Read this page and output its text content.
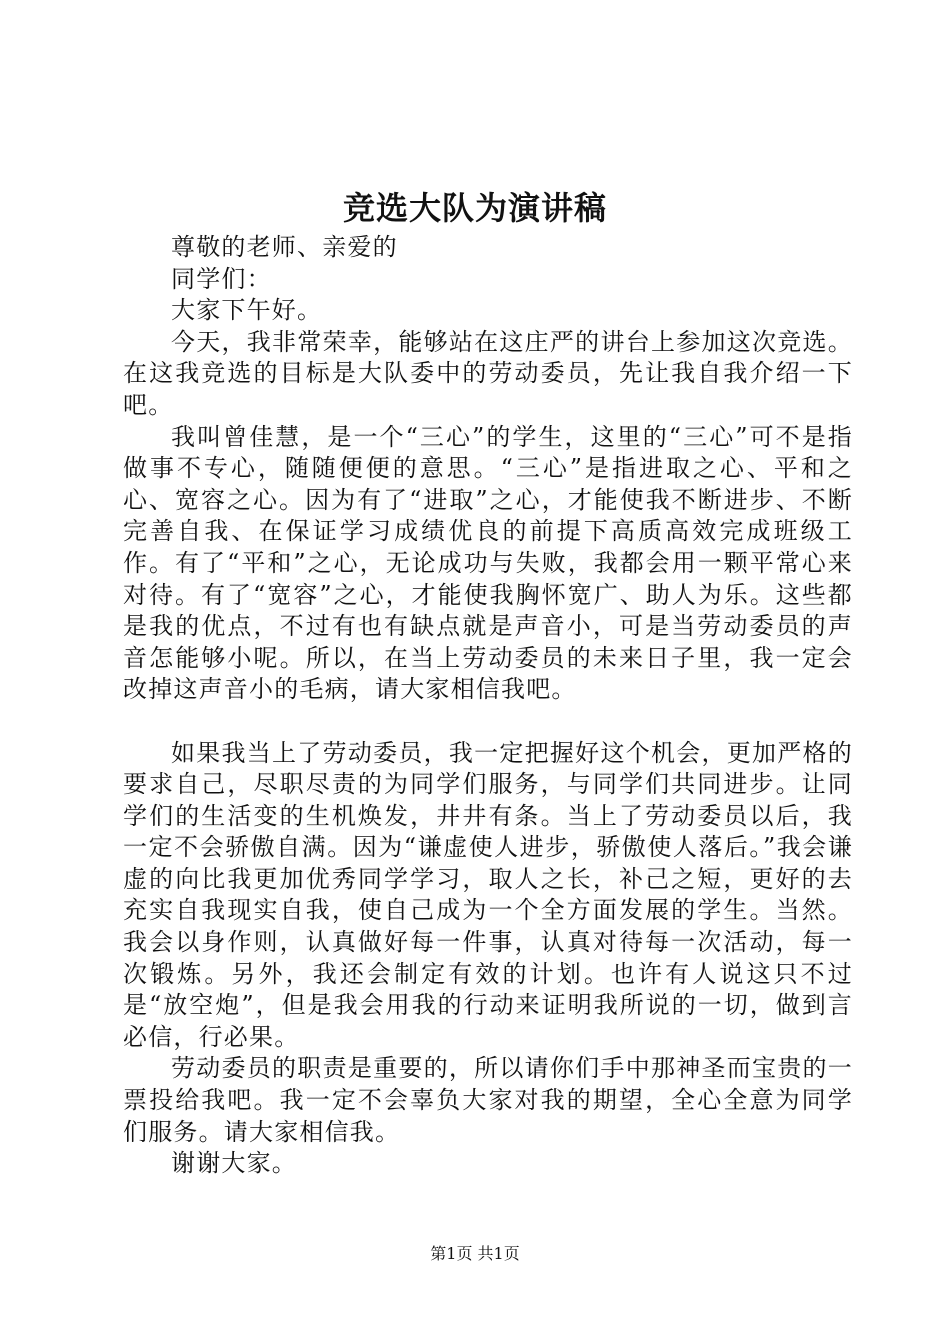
竞选大队为演讲稿

尊敬的老师、亲爱的

同学们：

大家下午好。

今天，我非常荣幸，能够站在这庄严的讲台上参加这次竞选。在这我竞选的目标是大队委中的劳动委员，先让我自我介绍一下吧。

我叫曾佳慧，是一个“三心”的学生，这里的“三心”可不是指做事不专心，随随便便的意思。“三心”是指进取之心、平和之心、宽容之心。因为有了“进取”之心，才能使我不断进步、不断完善自我、在保证学习成绩优良的前提下高质高效完成班级工作。有了“平和”之心，无论成功与失败，我都会用一颗平常心来对待。有了“宽容”之心，才能使我胸怀宽广、助人为乐。这些都是我的优点，不过有也有缺点就是声音小，可是当劳动委员的声音怎能够小呢。所以，在当上劳动委员的未来日子里，我一定会改掉这声音小的毛病，请大家相信我吧。

如果我当上了劳动委员，我一定把握好这个机会，更加严格的要求自己，尽职尽责的为同学们服务，与同学们共同进步。让同学们的生活变的生机焕发，井井有条。当上了劳动委员以后，我一定不会骄傲自满。因为“谦虚使人进步，骄傲使人落后。”我会谦虚的向比我更加优秀同学学习，取人之长，补己之短，更好的去充实自我现实自我，使自己成为一个全方面发展的学生。当然。我会以身作则，认真做好每一件事，认真对待每一次活动，每一次锻炼。另外，我还会制定有效的计划。也许有人说这只不过是“放空炮”，但是我会用我的行动来证明我所说的一切，做到言必信，行必果。

劳动委员的职责是重要的，所以请你们手中那神圣而宝贵的一票投给我吧。我一定不会辜负大家对我的期望，全心全意为同学们服务。请大家相信我。

谢谢大家。

第1页 共1页
